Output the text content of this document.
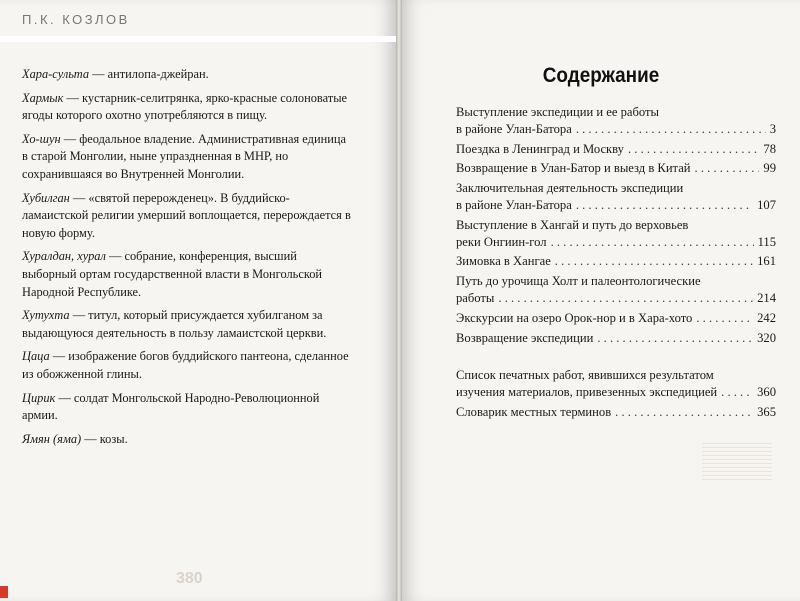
П.К. КОЗЛОВ

Хара-сульта — антилопа-джейран.

Хармык — кустарник-селитрянка, ярко-красные солоноватые ягоды которого охотно употребляются в пищу.

Хо-шун — феодальное владение. Административная единица в старой Монголии, ныне упраздненная в МНР, но сохранившаяся во Внутренней Монголии.

Хубилган — «святой перерожденец». В буддийско-ламаистской религии умерший воплощается, перерождается в новую форму.

Хуралдан, хурал — собрание, конференция, высший выборный ортам государственной власти в Монгольской Народной Республике.

Хутухта — титул, который присуждается хубилганом за выдающуюся деятельность в пользу ламаистской церкви.

Цаца — изображение богов буддийского пантеона, сделанное из обожженной глины.

Цирик — солдат Монгольской Народно-Революционной армии.

Ямян (яма) — козы.

380
Содержание
Выступление экспедиции и ее работы
в районе Улан-Батора . . .	3
Поездка в Ленинград и Москву . . .	78
Возвращение в Улан-Батор и выезд в Китай . . .	99
Заключительная деятельность экспедиции
в районе Улан-Батора . . .	107
Выступление в Хангай и путь до верховьев
реки Онгиин-гол . . .	115
Зимовка в Хангае . . .	161
Путь до урочища Холт и палеонтологические
работы . . .	214
Экскурсии на озеро Орок-нор и в Хара-хото . . .	242
Возвращение экспедиции . . .	320
Список печатных работ, явившихся результатом
изучения материалов, привезенных экспедицией . . .	360
Словарик местных терминов . . .	365
